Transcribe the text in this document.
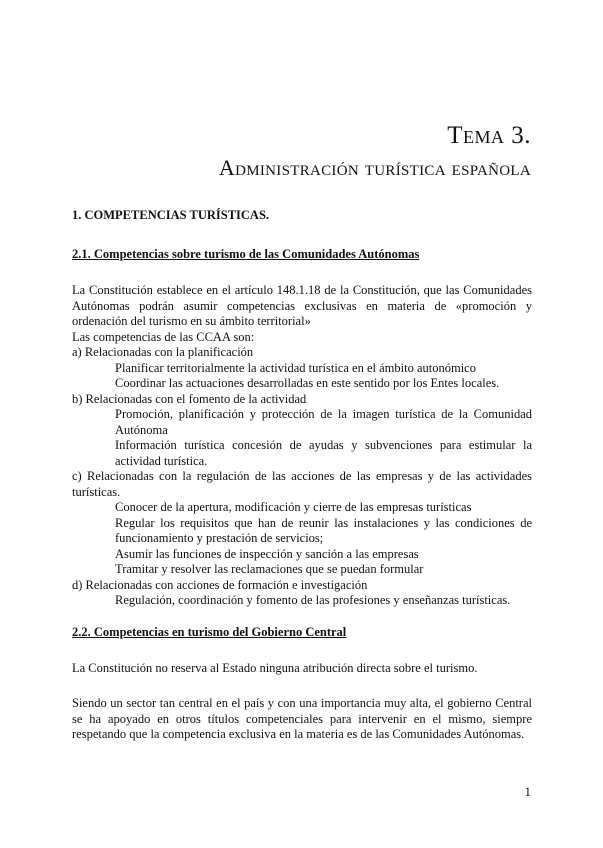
Tema 3.
Administración turística española
1. COMPETENCIAS TURÍSTICAS.
2.1. Competencias sobre turismo de las Comunidades Autónomas

La Constitución establece en el artículo 148.1.18 de la Constitución, que las Comunidades Autónomas podrán asumir competencias exclusivas en materia de «promoción y ordenación del turismo en su ámbito territorial»

Las competencias de las CCAA son:

a) Relacionadas con la planificación
Planificar territorialmente la actividad turística en el ámbito autonómico
Coordinar las actuaciones desarrolladas en este sentido por los Entes locales.
b) Relacionadas con el fomento de la actividad
Promoción, planificación y protección de la imagen turística de la Comunidad Autónoma
Información turística concesión de ayudas y subvenciones para estimular la actividad turística.
c) Relacionadas con la regulación de las acciones de las empresas y de las actividades turísticas.
Conocer de la apertura, modificación y cierre de las empresas turísticas
Regular los requisitos que han de reunir las instalaciones y las condiciones de funcionamiento y prestación de servicios;
Asumir las funciones de inspección y sanción a las empresas
Tramitar y resolver las reclamaciones que se puedan formular
d) Relacionadas con acciones de formación e investigación
Regulación, coordinación y fomento de las profesiones y enseñanzas turísticas.
2.2. Competencias en turismo del Gobierno Central

La Constitución no reserva al Estado ninguna atribución directa sobre el turismo.

Siendo un sector tan central en el país y con una importancia muy alta, el gobierno Central se ha apoyado en otros títulos competenciales para intervenir en el mismo, siempre respetando que la competencia exclusiva en la materia es de las Comunidades Autónomas.

1
